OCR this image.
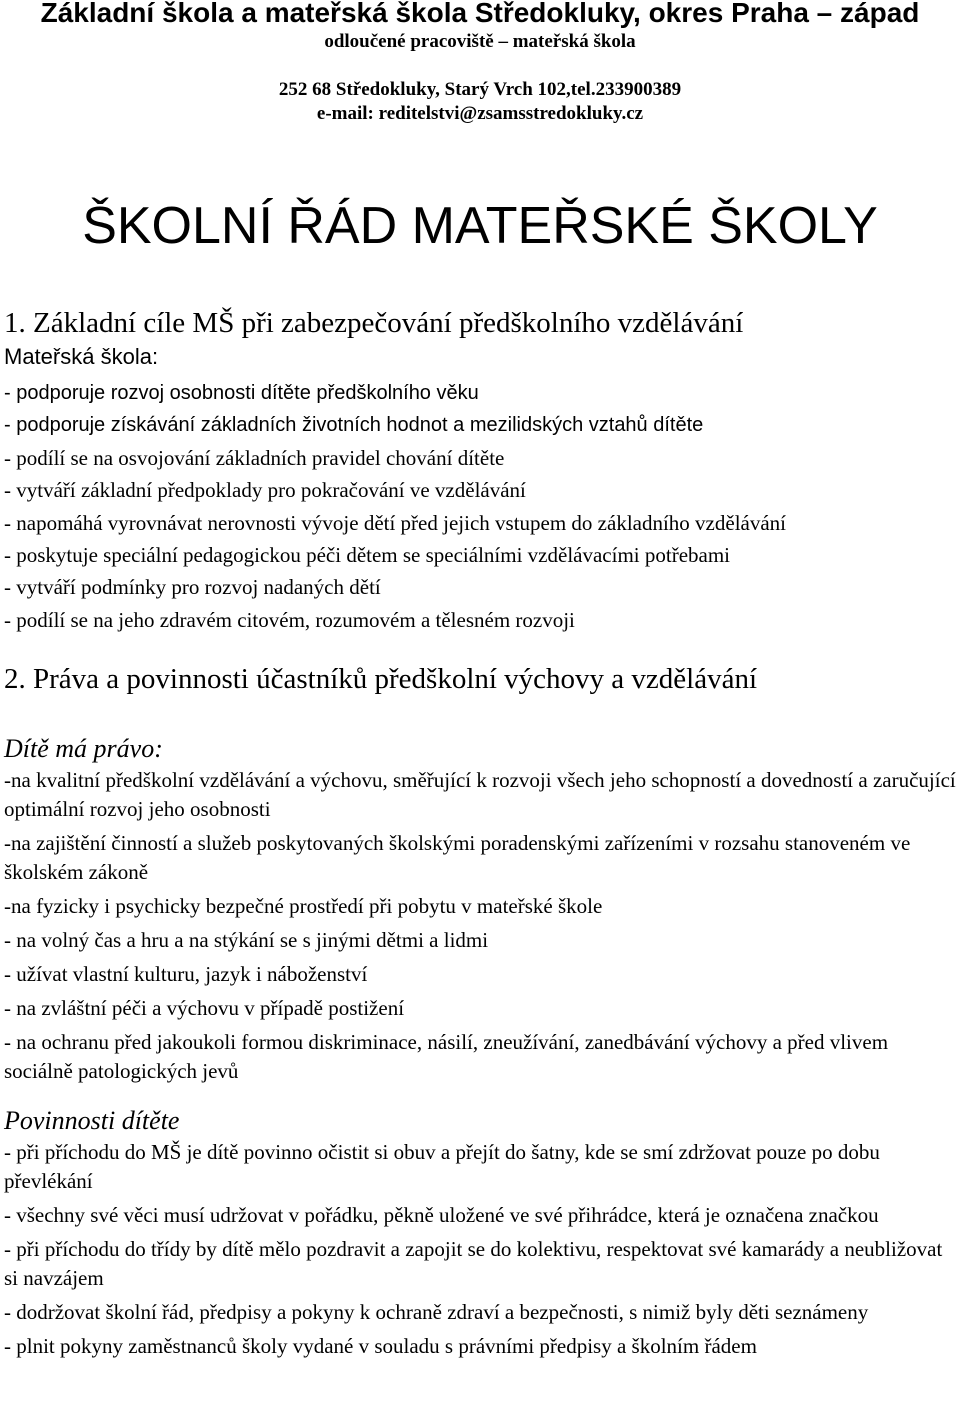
Základní škola a mateřská škola Středokluky, okres Praha – západ
odloučené pracoviště – mateřská škola
252 68 Středokluky, Starý Vrch 102,tel.233900389
e-mail: reditelstvi@zsamsstredokluky.cz
ŠKOLNÍ ŘÁD MATEŘSKÉ ŠKOLY
1. Základní cíle MŠ při zabezpečování předškolního vzdělávání
Mateřská škola:
- podporuje rozvoj osobnosti dítěte předškolního věku
- podporuje získávání základních životních hodnot a mezilidských vztahů dítěte
- podílí se na osvojování základních pravidel chování dítěte
- vytváří základní předpoklady pro pokračování ve vzdělávání
- napomáhá vyrovnávat nerovnosti vývoje dětí před jejich vstupem do základního vzdělávání
- poskytuje speciální pedagogickou péči dětem se speciálními vzdělávacími potřebami
- vytváří podmínky pro rozvoj nadaných dětí
- podílí se na jeho zdravém citovém, rozumovém a tělesném rozvoji
2. Práva a povinnosti účastníků předškolní výchovy a vzdělávání
Dítě má právo:
-na kvalitní předškolní vzdělávání a výchovu, směřující k rozvoji všech jeho schopností a dovedností a zaručující optimální rozvoj jeho osobnosti
-na zajištění činností a služeb poskytovaných školskými poradenskými zařízeními v rozsahu stanoveném ve školském zákoně
-na fyzicky i psychicky bezpečné prostředí při pobytu v mateřské škole
- na volný čas a hru a na stýkání se s jinými dětmi a lidmi
- užívat vlastní kulturu, jazyk i náboženství
- na zvláštní péči a výchovu v případě postižení
- na ochranu před jakoukoli formou diskriminace, násilí, zneužívání, zanedbávání výchovy a před vlivem sociálně patologických jevů
Povinnosti dítěte
- při příchodu do MŠ je dítě povinno očistit si obuv a přejít do šatny, kde se smí zdržovat pouze po dobu převlékání
- všechny své věci musí udržovat v pořádku, pěkně uložené ve své přihrádce, která je označena značkou
- při příchodu do třídy by dítě mělo pozdravit a zapojit se do kolektivu, respektovat své kamarády a neubližovat si navzájem
- dodržovat školní řád, předpisy a pokyny k ochraně zdraví a bezpečnosti, s nimiž byly děti seznámeny
- plnit pokyny zaměstnanců školy vydané v souladu s právními předpisy a školním řádem
